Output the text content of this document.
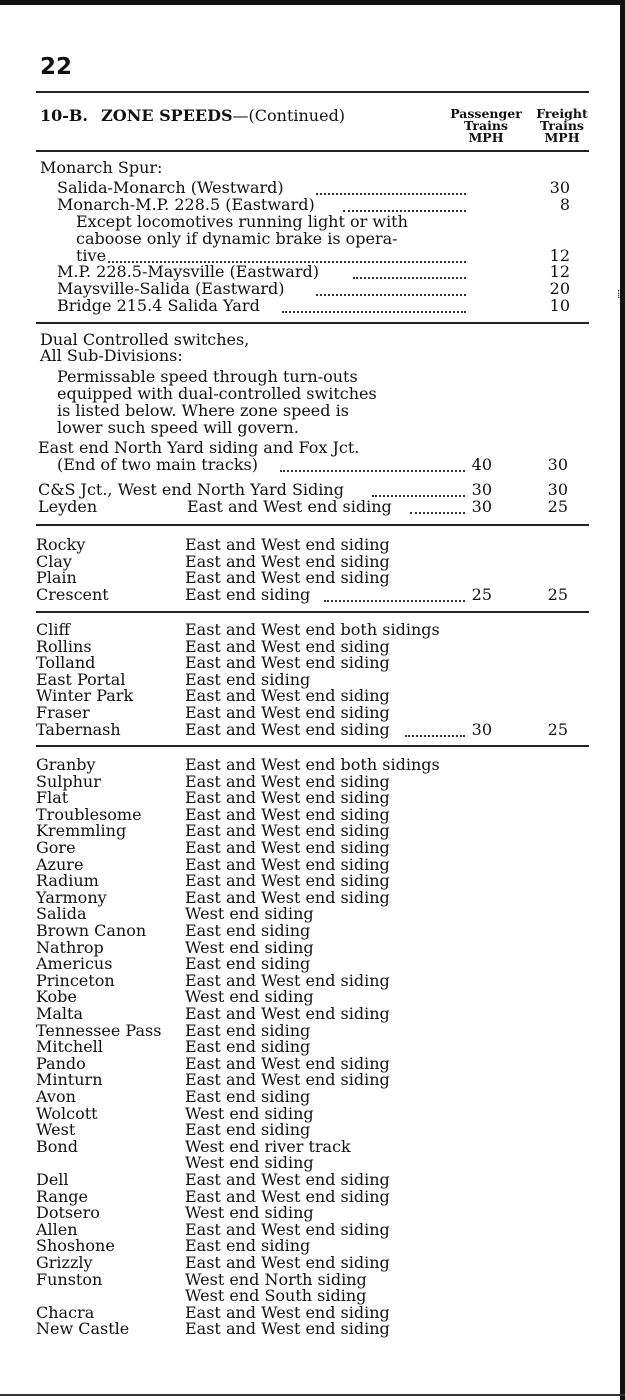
22
10-B. ZONE SPEEDS—(Continued)	Passenger
Trains
MPH
Freight
Trains
MPH
Monarch Spur:
Salida-Monarch (Westward)	30
Monarch-M.P. 228.5 (Eastward)	8
Except locomotives running light or with
caboose only if dynamic brake is opera-
tive	12
M.P. 228.5-Maysville (Eastward)	12
Maysville-Salida (Eastward)	20
Bridge 215.4 Salida Yard	10
Dual Controlled switches,
All Sub-Divisions:
Permissable speed through turn-outs
equipped with dual-controlled switches
is listed below. Where zone speed is
lower such speed will govern.
East end North Yard siding and Fox Jct.
(End of two main tracks)	40	30
C&S Jct., West end North Yard Siding	30	30
Leyden	East and West end siding	30	25
Rocky	East and West end siding
Clay	East and West end siding
Plain	East and West end siding
Crescent	East end siding	25	25
Cliff	East and West end both sidings
Rollins	East and West end siding
Tolland	East and West end siding
East Portal	East end siding
Winter Park	East and West end siding
Fraser	East and West end siding
Tabernash	East and West end siding	30	25
Granby	East and West end both sidings
Sulphur	East and West end siding
Flat	East and West end siding
Troublesome	East and West end siding
Kremmling	East and West end siding
Gore	East and West end siding
Azure	East and West end siding
Radium	East and West end siding
Yarmony	East and West end siding
Salida	West end siding
Brown Canon East end siding
Nathrop	West end siding
Americus	East end siding
Princeton	East and West end siding
Kobe	West end siding
Malta	East and West end siding
Tennessee Pass East end siding
Mitchell	East end siding
Pando	East and West end siding
Minturn	East and West end siding
Avon	East end siding
Wolcott	West end siding
West	East end siding
Bond	West end river track
West end siding
Dell	East and West end siding
Range	East and West end siding
Dotsero	West end siding
Allen	East and West end siding
Shoshone	East end siding
Grizzly	East and West end siding
Funston	West end North siding
West end South siding
Chacra	East and West end siding
New Castle	East and West end siding
⁞
